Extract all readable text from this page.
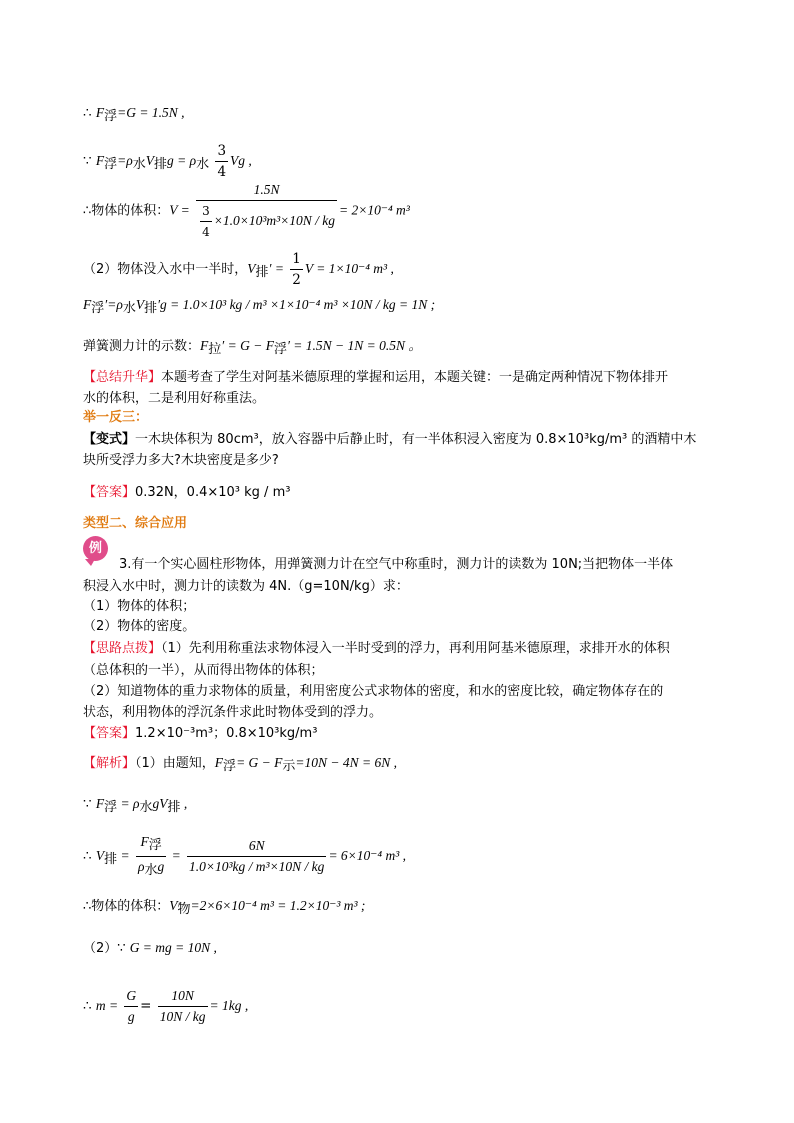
∴ F浮=G = 1.5N ,
∵ F浮=ρ水V排g = ρ水 $\frac{3}{4}$ Vg ,
∴物体的体积：$V = \frac{1.5N}{\frac{3}{4} \times 1.0\times 10^3m^3\times 10N / kg} = 2\times 10^{-4}$ m³
（2）物体没入水中一半时，V排′ = $\frac{1}{2}$ V = 1×10⁻⁴ m³ ,
F浮′=ρ水V排′g = 1.0×10³ kg / m³ ×1×10⁻⁴ m³ ×10N / kg = 1N ;
弹簧测力计的示数：F拉′ = G − F浮′ = 1.5N − 1N = 0.5N 。
【总结升华】本题考查了学生对阿基米德原理的掌握和运用，本题关键：一是确定两种情况下物体排开
水的体积，二是利用好称重法。
举一反三：
【变式】一木块体积为 80cm³，放入容器中后静止时，有一半体积浸入密度为 0.8×10³kg/m³ 的酒精中木
块所受浮力多大?木块密度是多少?
【答案】0.32N，0.4×10³ kg / m³
类型二、综合应用
例
3.有一个实心圆柱形物体，用弹簧测力计在空气中称重时，测力计的读数为 10N;当把物体一半体
积浸入水中时，测力计的读数为 4N.（g=10N/kg）求：
（1）物体的体积；
（2）物体的密度。
【思路点拨】（1）先利用称重法求物体浸入一半时受到的浮力，再利用阿基米德原理，求排开水的体积
（总体积的一半），从而得出物体的体积；
（2）知道物体的重力求物体的质量，利用密度公式求物体的密度，和水的密度比较，确定物体存在的
状态，利用物体的浮沉条件求此时物体受到的浮力。
【答案】1.2×10⁻³m³；0.8×10³kg/m³
【解析】（1）由题知，F浮= G − F示=10N − 4N = 6N ,
∵ F浮 = ρ水gV排 ,
∴ V排 = $\frac{\text{F浮}}{\text{ρ水g}} = \frac{6N}{\text{1.0×10³kg / m³×10N / kg}} = 6\times 10^{-4}$ m³ ,
∴物体的体积：V物=2×6×10⁻⁴ m³ = 1.2×10⁻³ m³ ;
（2）∵ G = mg = 10N ,
∴ $m = \frac{G}{g} = \frac{10N}{10N / kg} = 1kg$ ,
